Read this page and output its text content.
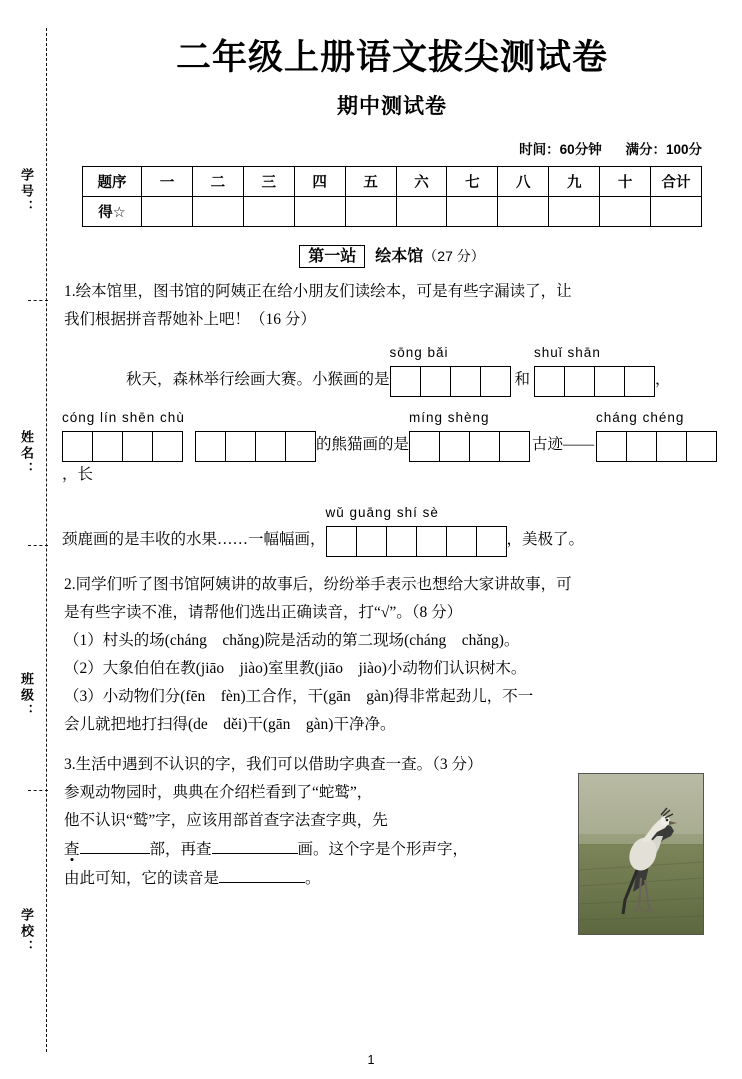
学号：
姓名：
班级：
学校：
二年级上册语文拔尖测试卷
期中测试卷
时间：60分钟 满分：100分
题序	一	二	三	四	五	六	七	八	九	十	合计
得☆											
第一站 绘本馆（27 分）
1.绘本馆里，图书馆的阿姨正在给小朋友们读绘本，可是有些字漏读了，让
我们根据拼音帮她补上吧！（16 分）
秋天，森林举行绘画大赛。小猴画的是
sōng bǎi
和
shuǐ shān
，
cóng lín shēn chù
的熊猫画的是
míng shèng
古迹——
cháng chéng
，长
颈鹿画的是丰收的水果……一幅幅画，
wǔ guāng shí sè
，美极了。
2.同学们听了图书馆阿姨讲的故事后，纷纷举手表示也想给大家讲故事，可
是有些字读不准，请帮他们选出正确读音，打“√”。（8 分）
（1）村头的场(cháng　chǎng)院是活动的第二现场(cháng　chǎng)。
（2）大象伯伯在教(jiāo　jiào)室里教(jiāo　jiào)小动物们认识树木。
（3）小动物们分(fēn　fèn)工合作，干(gān　gàn)得非常起劲儿，不一
会儿就把地打扫得(de　děi)干(gān　gàn)干净净。
3.生活中遇到不认识的字，我们可以借助字典查一查。（3 分）
参观动物园时，典典在介绍栏看到了“蛇鹫”，
他不认识“鹫”字，应该用部首查字法查字典，先
查	部，再查	画。这个字是个形声字，
由此可知，它的读音是	。
1
